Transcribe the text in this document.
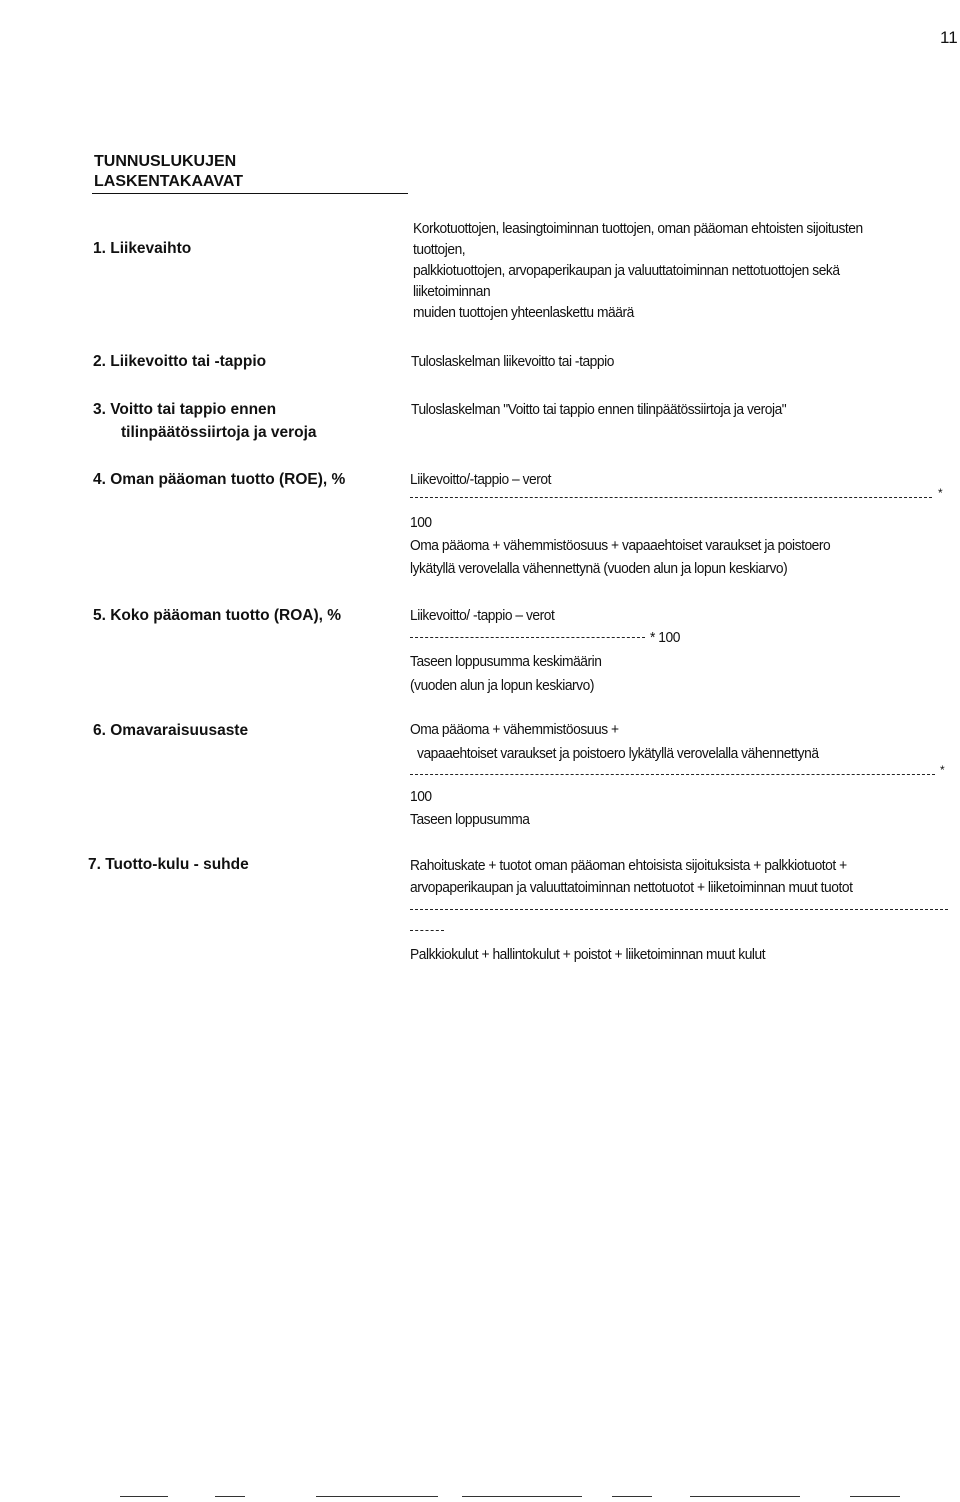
11
TUNNUSLUKUJEN
LASKENTAKAAVAT
1. Liikevaihto
Korkotuottojen, leasingtoiminnan tuottojen, oman pääoman ehtoisten sijoitusten
tuottojen,
palkkiotuottojen, arvopaperikaupan ja valuuttatoiminnan nettotuottojen sekä
liiketoiminnan
muiden tuottojen yhteenlaskettu määrä
2. Liikevoitto tai -tappio	Tuloslaskelman liikevoitto tai -tappio
3. Voitto tai tappio ennen
tilinpäätössiirtoja ja veroja
Tuloslaskelman "Voitto tai tappio ennen tilinpäätössiirtoja ja veroja"
4. Oman pääoman tuotto (ROE), %	Liikevoitto/-tappio – verot
*
100
Oma pääoma + vähemmistöosuus + vapaaehtoiset varaukset ja poistoero
lykätyllä verovelalla vähennettynä (vuoden alun ja lopun keskiarvo)
5. Koko pääoman tuotto (ROA), %	Liikevoitto/ -tappio – verot
* 100
Taseen loppusumma keskimäärin
(vuoden alun ja lopun keskiarvo)
6. Omavaraisuusaste	Oma pääoma + vähemmistöosuus +
vapaaehtoiset varaukset ja poistoero lykätyllä verovelalla vähennettynä
*
100
Taseen loppusumma
7. Tuotto-kulu - suhde	Rahoituskate + tuotot oman pääoman ehtoisista sijoituksista + palkkiotuotot +
arvopaperikaupan ja valuuttatoiminnan nettotuotot + liiketoiminnan muut tuotot
Palkkiokulut + hallintokulut + poistot + liiketoiminnan muut kulut
